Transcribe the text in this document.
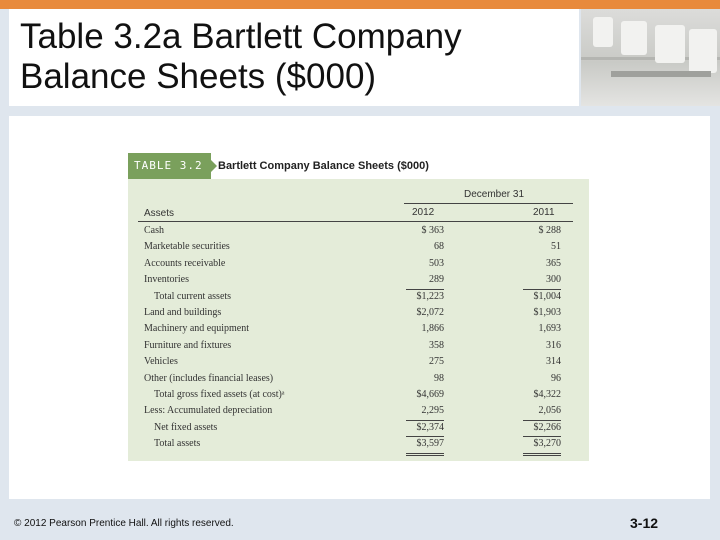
Table 3.2a Bartlett Company Balance Sheets ($000)
TABLE 3.2	Bartlett Company Balance Sheets ($000)
December 31
Assets	2012	2011
Cash	$ 363	$ 288
Marketable securities	68	51
Accounts receivable	503	365
Inventories	289	300
Total current assets	$1,223	$1,004
Land and buildings	$2,072	$1,903
Machinery and equipment	1,866	1,693
Furniture and fixtures	358	316
Vehicles	275	314
Other (includes financial leases)	98	96
Total gross fixed assets (at cost)ᵃ	$4,669	$4,322
Less: Accumulated depreciation	2,295	2,056
Net fixed assets	$2,374	$2,266
Total assets	$3,597	$3,270
© 2012 Pearson Prentice Hall. All rights reserved.	3-12
